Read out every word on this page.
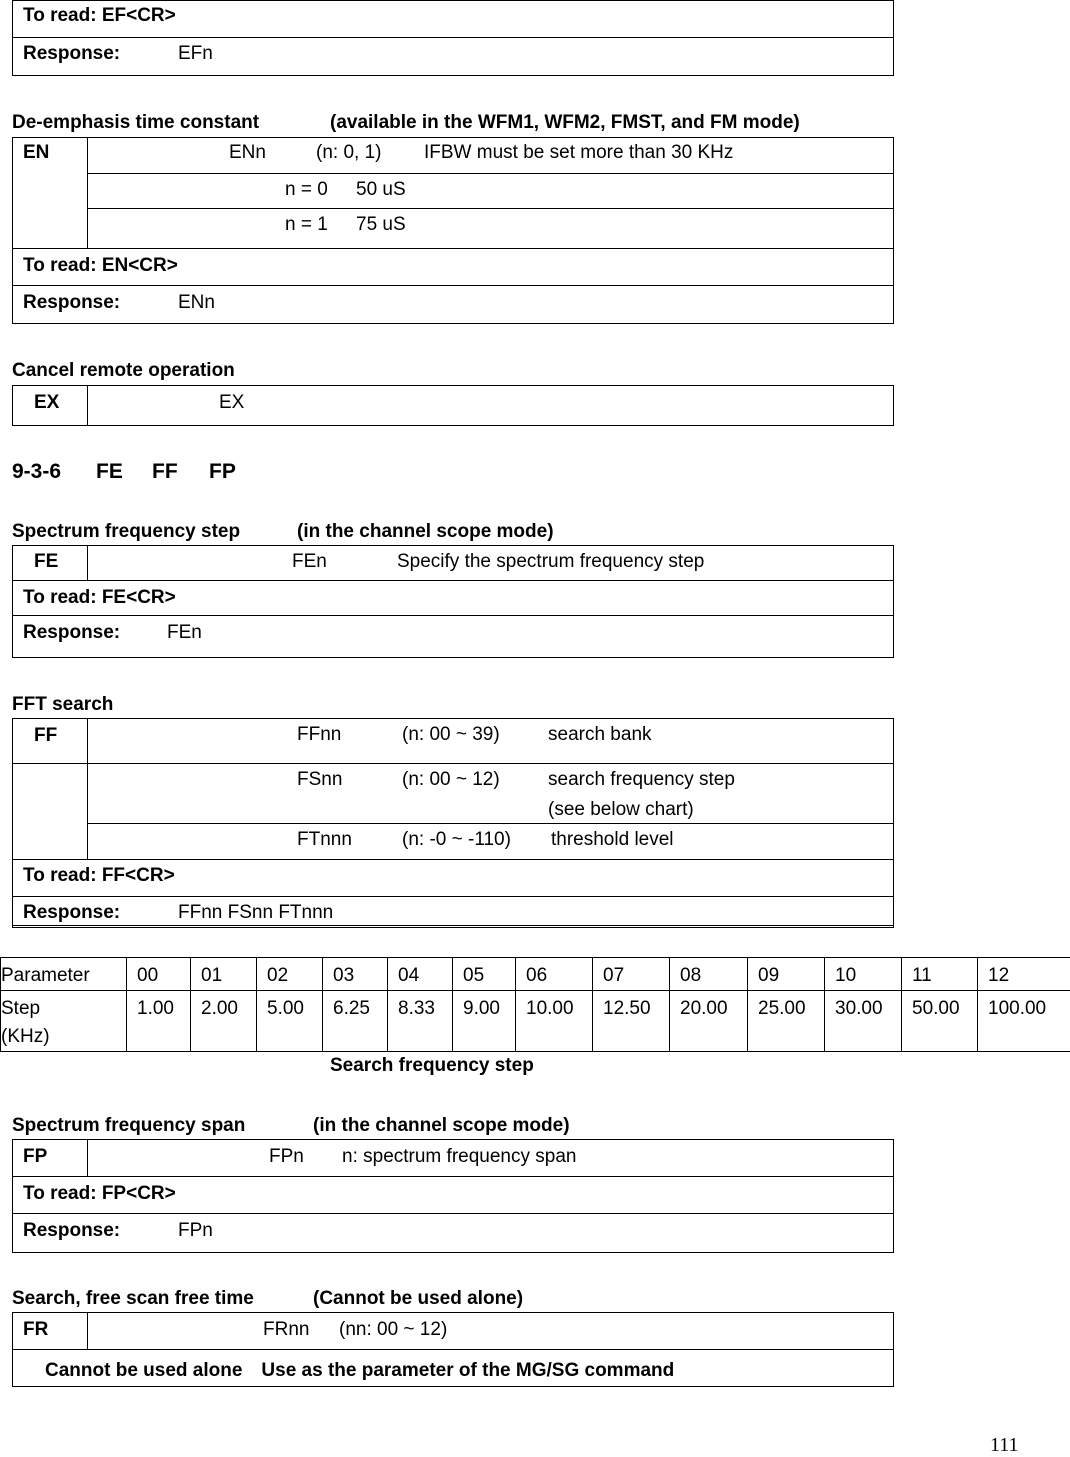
To read: EF<CR>
Response:	EFn
De-emphasis time constant	(available in the WFM1, WFM2, FMST, and FM mode)
EN	ENn	(n: 0, 1) IFBW must be set more than 30 KHz
n = 0 50 uS
n = 1 75 uS
To read: EN<CR>
Response:	ENn
Cancel remote operation
EX	EX
9-3-6 FE FF FP
Spectrum frequency step	(in the channel scope mode)
FE	FEn	Specify the spectrum frequency step
To read: FE<CR>
Response: FEn
FFT search
FF	FFnn	(n: 00 ~ 39)	search bank
FSnn	(n: 00 ~ 12)	search frequency step
(see below chart)
FTnnn	(n: -0 ~ -110) threshold level
To read: FF<CR>
Response:	FFnn FSnn FTnnn
Parameter	00	01	02	03	04	05	06	07	08	09	10	11	12
Step
(KHz)	1.00	2.00	5.00	6.25	8.33	9.00	10.00	12.50	20.00	25.00	30.00	50.00	100.00
Search frequency step
Spectrum frequency span	(in the channel scope mode)
FP	FPn n: spectrum frequency span
To read: FP<CR>
Response:	FPn
Search, free scan free time	(Cannot be used alone)
FR	FRnn (nn: 00 ~ 12)
Cannot be used alone　Use as the parameter of the MG/SG command
111
